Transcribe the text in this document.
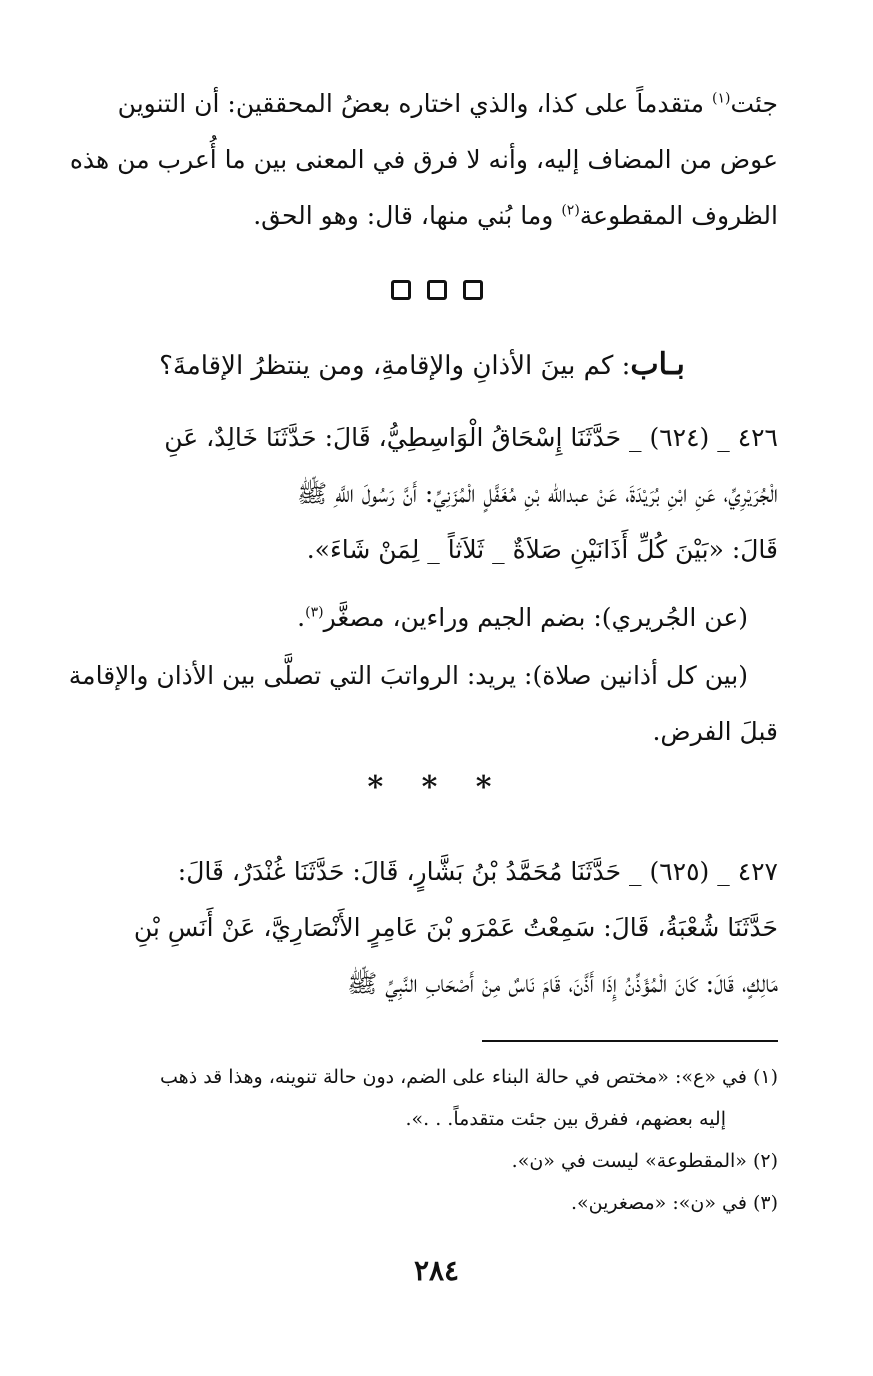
جئت$^{(١)}$ متقدماً على كذا، والذي اختاره بعضُ المحققين: أن التنوين
عوض من المضاف إليه، وأنه لا فرق في المعنى بين ما أُعرب من هذه
الظروف المقطوعة$^{(٢)}$ وما بُني منها، قال: وهو الحق.
بـاب: كم بينَ الأذانِ والإقامةِ، ومن ينتظرُ الإقامةَ؟
٤٢٦ _ (٦٢٤) _ حَدَّثَنَا إِسْحَاقُ الْوَاسِطِيُّ، قَالَ: حَدَّثَنَا خَالِدٌ، عَنِ
الْجُرَيْرِيِّ، عَنِ ابْنِ بُرَيْدَةَ، عَنْ عبدالله بْنِ مُغَفَّلٍ الْمُزَنِيِّ: أَنَّ رَسُولَ اللَّهِ ﷺ
قَالَ: «بَيْنَ كُلِّ أَذَانَيْنِ صَلاَةٌ _ ثَلاَثاً _ لِمَنْ شَاءَ».
(عن الجُريري): بضم الجيم وراءين، مصغَّر$^{(٣)}$.
(بين كل أذانين صلاة): يريد: الرواتبَ التي تصلَّى بين الأذان والإقامة
قبلَ الفرض.
* * *
٤٢٧ _ (٦٢٥) _ حَدَّثَنَا مُحَمَّدُ بْنُ بَشَّارٍ، قَالَ: حَدَّثَنَا غُنْدَرٌ، قَالَ:
حَدَّثَنَا شُعْبَةُ، قَالَ: سَمِعْتُ عَمْرَو بْنَ عَامِرٍ الأَنْصَارِيَّ، عَنْ أَنَسِ بْنِ
مَالِكٍ، قَالَ: كَانَ الْمُؤَذِّنُ إِذَا أَذَّنَ، قَامَ نَاسٌ مِنْ أَصْحَابِ النَّبِيِّ ﷺ
(١) في «ع»: «مختص في حالة البناء على الضم، دون حالة تنوينه، وهذا قد ذهب
إليه بعضهم، ففرق بين جئت متقدماً. . .».
(٢) «المقطوعة» ليست في «ن».
(٣) في «ن»: «مصغرين».
٢٨٤
